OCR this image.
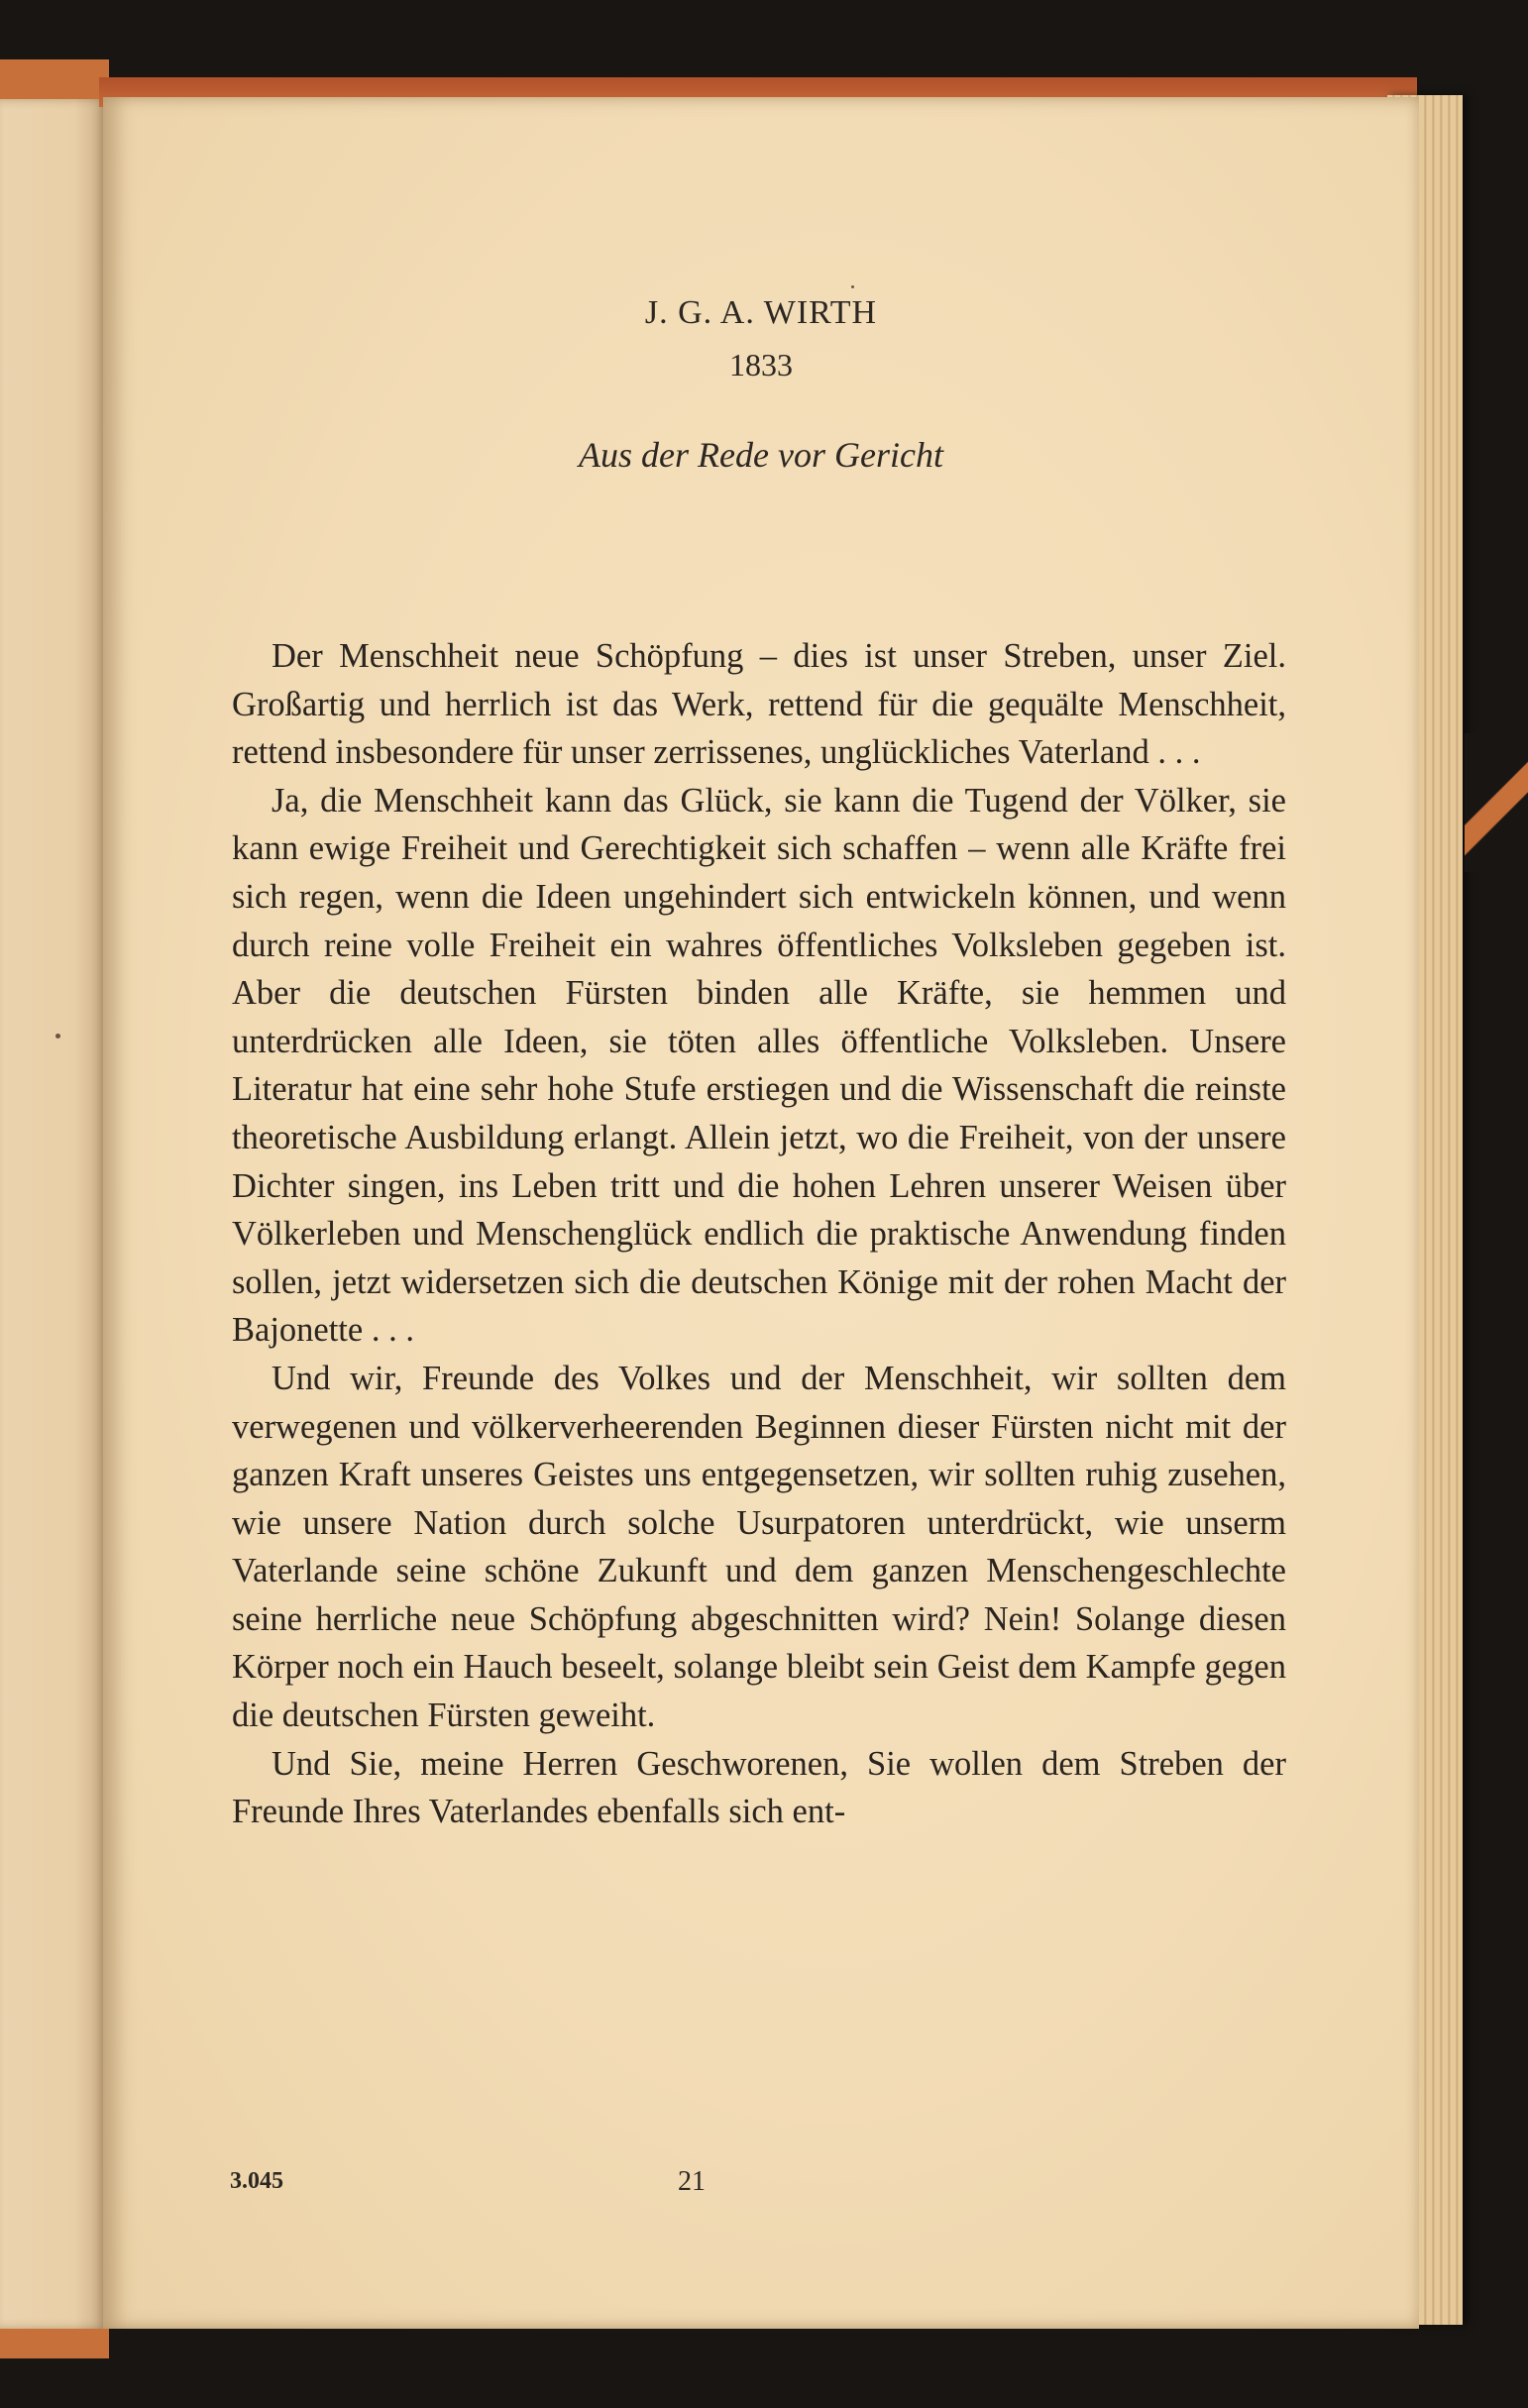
J. G. A. WIRTH
1833
Aus der Rede vor Gericht

Der Menschheit neue Schöpfung – dies ist unser Streben, unser Ziel. Großartig und herrlich ist das Werk, rettend für die gequälte Menschheit, rettend insbesondere für unser zerrissenes, unglückliches Vaterland . . .

Ja, die Menschheit kann das Glück, sie kann die Tugend der Völker, sie kann ewige Freiheit und Gerechtigkeit sich schaffen – wenn alle Kräfte frei sich regen, wenn die Ideen ungehindert sich entwickeln können, und wenn durch reine volle Freiheit ein wahres öffentliches Volksleben gegeben ist. Aber die deutschen Fürsten binden alle Kräfte, sie hemmen und unterdrücken alle Ideen, sie töten alles öffentliche Volksleben. Unsere Literatur hat eine sehr hohe Stufe erstiegen und die Wissenschaft die reinste theoretische Ausbildung erlangt. Allein jetzt, wo die Freiheit, von der unsere Dichter singen, ins Leben tritt und die hohen Lehren unserer Weisen über Völkerleben und Menschenglück endlich die praktische Anwendung finden sollen, jetzt widersetzen sich die deutschen Könige mit der rohen Macht der Bajonette . . .

Und wir, Freunde des Volkes und der Menschheit, wir sollten dem verwegenen und völkerverheerenden Beginnen dieser Fürsten nicht mit der ganzen Kraft unseres Geistes uns entgegensetzen, wir sollten ruhig zusehen, wie unsere Nation durch solche Usurpatoren unterdrückt, wie unserm Vaterlande seine schöne Zukunft und dem ganzen Menschengeschlechte seine herrliche neue Schöpfung abgeschnitten wird? Nein! Solange diesen Körper noch ein Hauch beseelt, solange bleibt sein Geist dem Kampfe gegen die deutschen Fürsten geweiht.

Und Sie, meine Herren Geschworenen, Sie wollen dem Streben der Freunde Ihres Vaterlandes ebenfalls sich ent-

3.045	21
